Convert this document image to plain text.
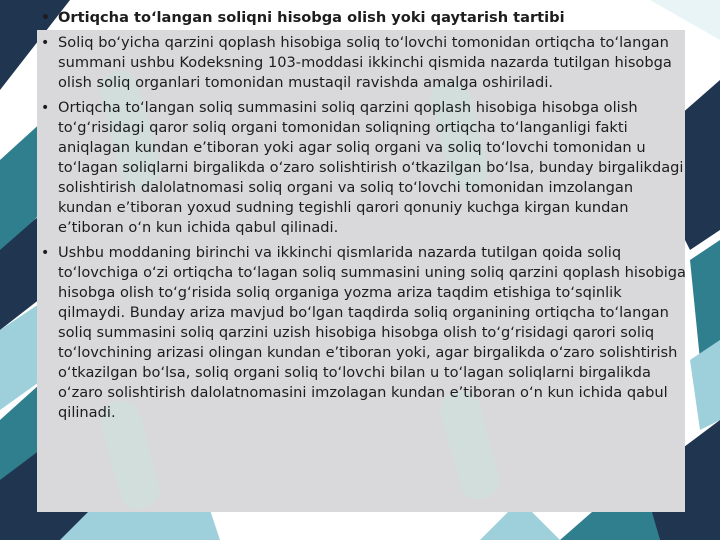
• Ortiqcha to‘langan soliqni hisobga olish yoki qaytarish tartibi
• Soliq bo‘yicha qarzini qoplash hisobiga soliq to‘lovchi tomonidan ortiqcha to‘langan summani ushbu Kodeksning 103-moddasi ikkinchi qismida nazarda tutilgan hisobga olish soliq organlari tomonidan mustaqil ravishda amalga oshiriladi.
• Ortiqcha to‘langan soliq summasini soliq qarzini qoplash hisobiga hisobga olish to‘g‘risidagi qaror soliq organi tomonidan soliqning ortiqcha to‘langanligi fakti aniqlagan kundan e’tiboran yoki agar soliq organi va soliq to‘lovchi tomonidan u to‘lagan soliqlarni birgalikda o‘zaro solishtirish o‘tkazilgan bo‘lsa, bunday birgalikdagi solishtirish dalolatnomasi soliq organi va soliq to‘lovchi tomonidan imzolangan kundan e’tiboran yoxud sudning tegishli qarori qonuniy kuchga kirgan kundan e’tiboran o‘n kun ichida qabul qilinadi.
• Ushbu moddaning birinchi va ikkinchi qismlarida nazarda tutilgan qoida soliq to‘lovchiga o‘zi ortiqcha to‘lagan soliq summasini uning soliq qarzini qoplash hisobiga hisobga olish to‘g‘risida soliq organiga yozma ariza taqdim etishiga to‘sqinlik qilmaydi. Bunday ariza mavjud bo‘lgan taqdirda soliq organining ortiqcha to‘langan soliq summasini soliq qarzini uzish hisobiga hisobga olish to‘g‘risidagi qarori soliq to‘lovchining arizasi olingan kundan e’tiboran yoki, agar birgalikda o‘zaro solishtirish o‘tkazilgan bo‘lsa, soliq organi soliq to‘lovchi bilan u to‘lagan soliqlarni birgalikda o‘zaro solishtirish dalolatnomasini imzolagan kundan e’tiboran o‘n kun ichida qabul qilinadi.
